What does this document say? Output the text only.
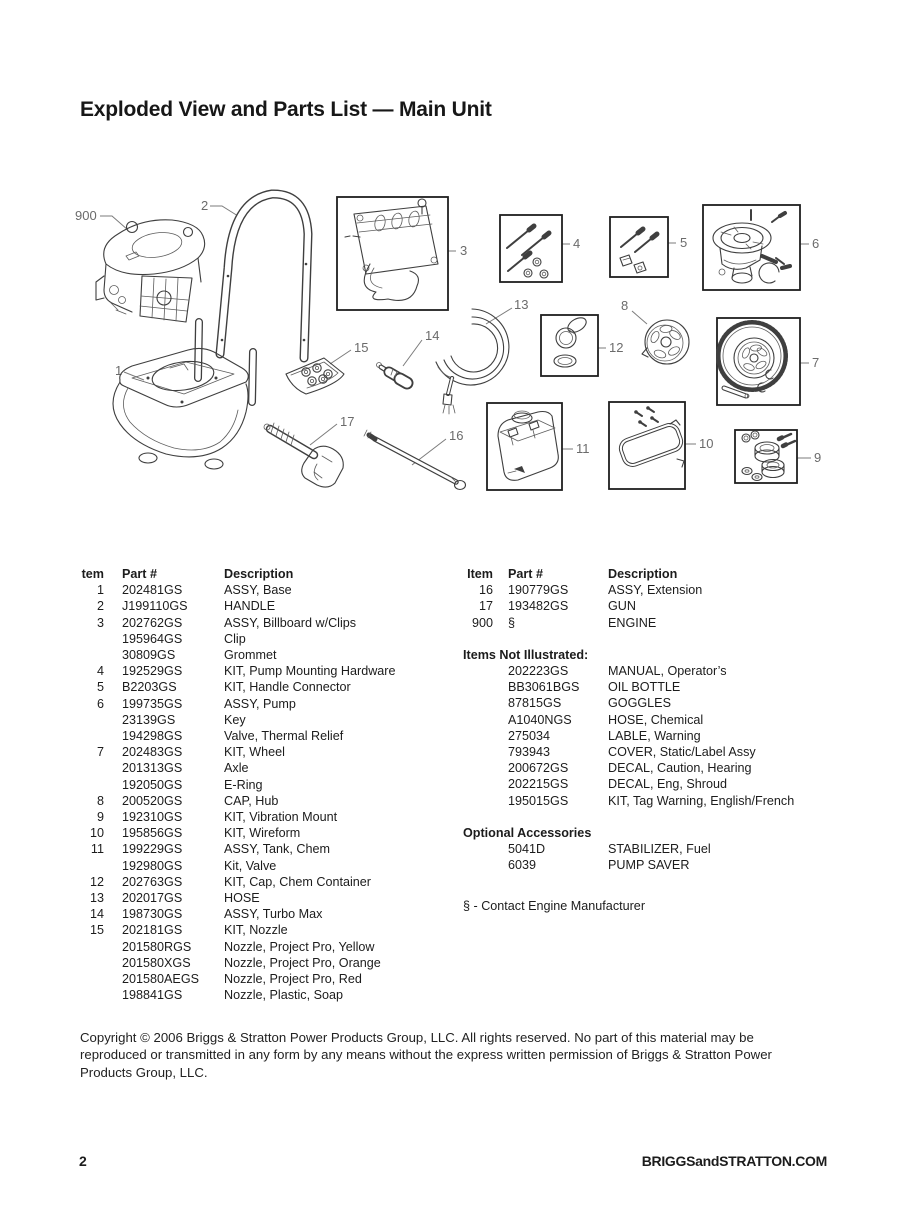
Exploded View and Parts List — Main Unit
900
2
3	4	5	6
13
12
8
7
1
15
14
11	10
9
17
16
tem Part #	Description
1 202481GS	ASSY, Base
2 J199110GS	HANDLE
3 202762GS	ASSY, Billboard w/Clips
195964GS	Clip
30809GS	Grommet
4 192529GS	KIT, Pump Mounting Hardware
5 B2203GS	KIT, Handle Connector
6 199735GS	ASSY, Pump
23139GS	Key
194298GS	Valve, Thermal Relief
7 202483GS	KIT, Wheel
201313GS	Axle
192050GS	E-Ring
8 200520GS	CAP, Hub
9 192310GS	KIT, Vibration Mount
10 195856GS	KIT, Wireform
11 199229GS	ASSY, Tank, Chem
192980GS	Kit, Valve
12 202763GS	KIT, Cap, Chem Container
13 202017GS	HOSE
14 198730GS	ASSY, Turbo Max
15 202181GS	KIT, Nozzle
201580RGS	Nozzle, Project Pro, Yellow
201580XGS	Nozzle, Project Pro, Orange
201580AEGS	Nozzle, Project Pro, Red
198841GS	Nozzle, Plastic, Soap
Item Part #	Description
16 190779GS	ASSY, Extension
17 193482GS	GUN
900 §	ENGINE
Items Not Illustrated:
202223GS	MANUAL, Operator’s
BB3061BGS	OIL BOTTLE
87815GS	GOGGLES
A1040NGS	HOSE, Chemical
275034	LABLE, Warning
793943	COVER, Static/Label Assy
200672GS	DECAL, Caution, Hearing
202215GS	DECAL, Eng, Shroud
195015GS	KIT, Tag Warning, English/French
Optional Accessories
5041D	STABILIZER, Fuel
6039	PUMP SAVER
§ - Contact Engine Manufacturer
Copyright © 2006 Briggs & Stratton Power Products Group, LLC. All rights reserved. No part of this material may be
reproduced or transmitted in any form by any means without the express written permission of Briggs & Stratton Power
Products Group, LLC.
2	BRIGGSandSTRATTON.COM
